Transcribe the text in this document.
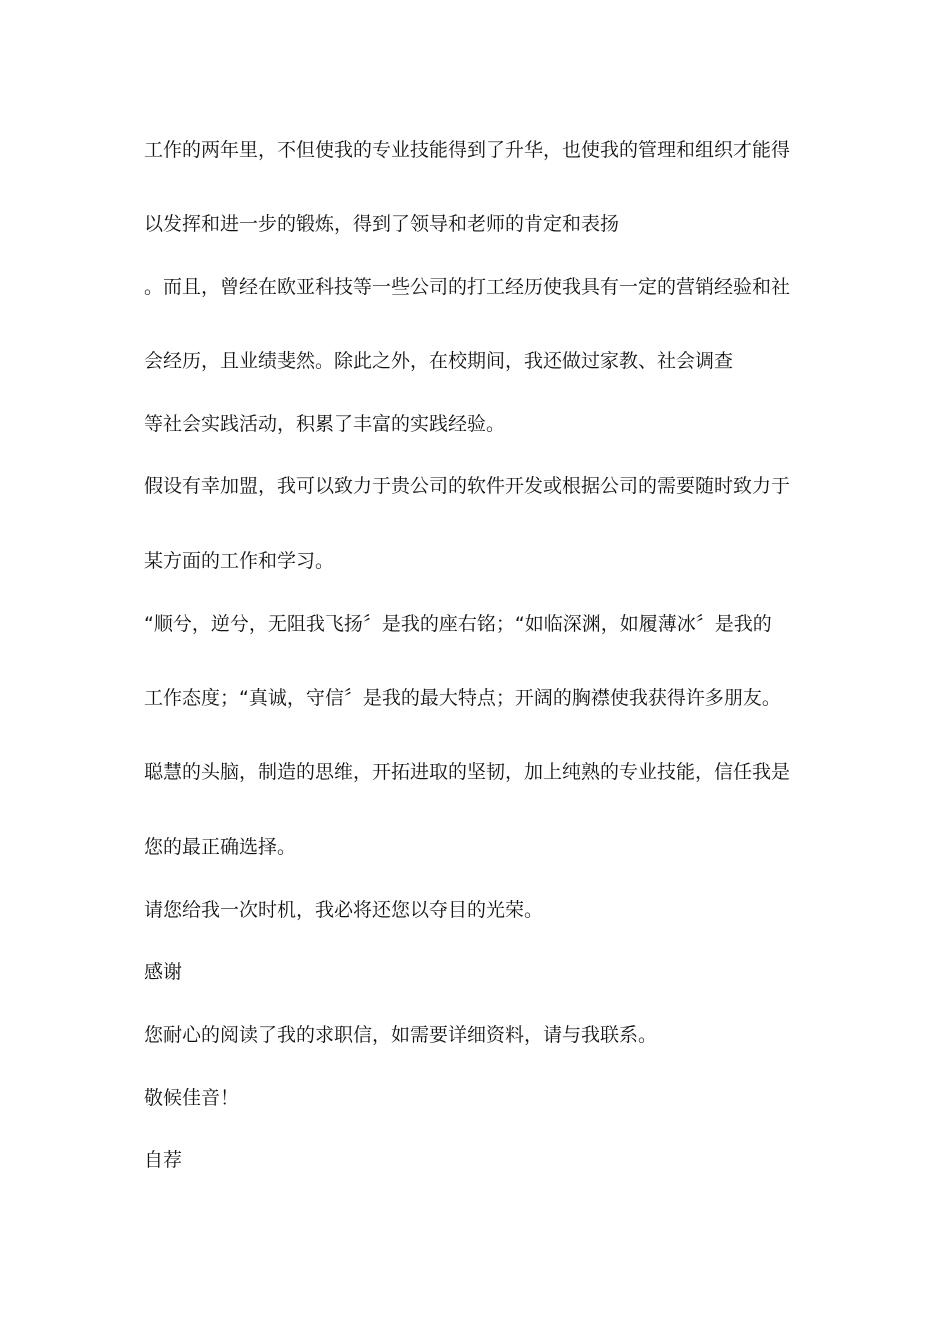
工作的两年里，不但使我的专业技能得到了升华，也使我的管理和组织才能得
以发挥和进一步的锻炼，得到了领导和老师的肯定和表扬
。而且，曾经在欧亚科技等一些公司的打工经历使我具有一定的营销经验和社
会经历，且业绩斐然。除此之外，在校期间，我还做过家教、社会调查
等社会实践活动，积累了丰富的实践经验。
假设有幸加盟，我可以致力于贵公司的软件开发或根据公司的需要随时致力于
某方面的工作和学习。
“顺兮，逆兮，无阻我飞扬〞是我的座右铭；“如临深渊，如履薄冰〞是我的
工作态度；“真诚，守信〞是我的最大特点；开阔的胸襟使我获得许多朋友。
聪慧的头脑，制造的思维，开拓进取的坚韧，加上纯熟的专业技能，信任我是
您的最正确选择。
请您给我一次时机，我必将还您以夺目的光荣。
感谢
您耐心的阅读了我的求职信，如需要详细资料，请与我联系。
敬候佳音！
自荐
